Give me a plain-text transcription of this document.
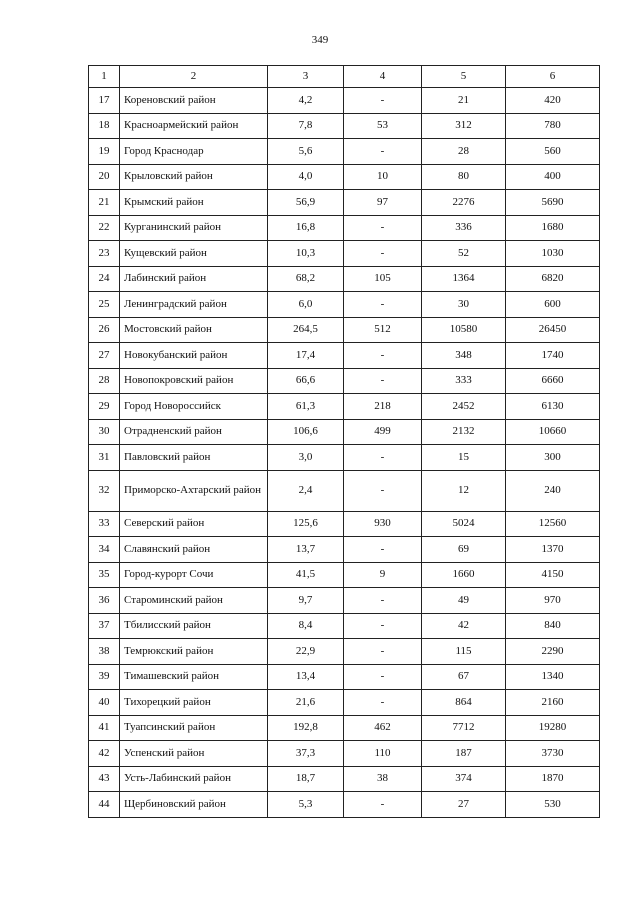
349
1	2	3	4	5	6
17	Кореновский район	4,2	-	21	420
18	Красноармейский район	7,8	53	312	780
19	Город Краснодар	5,6	-	28	560
20	Крыловский район	4,0	10	80	400
21	Крымский район	56,9	97	2276	5690
22	Курганинский район	16,8	-	336	1680
23	Кущевский район	10,3	-	52	1030
24	Лабинский район	68,2	105	1364	6820
25	Ленинградский район	6,0	-	30	600
26	Мостовский район	264,5	512	10580	26450
27	Новокубанский район	17,4	-	348	1740
28	Новопокровский район	66,6	-	333	6660
29	Город Новороссийск	61,3	218	2452	6130
30	Отрадненский район	106,6	499	2132	10660
31	Павловский район	3,0	-	15	300
32	Приморско-Ахтарский район	2,4	-	12	240
33	Северский район	125,6	930	5024	12560
34	Славянский район	13,7	-	69	1370
35	Город-курорт Сочи	41,5	9	1660	4150
36	Староминский район	9,7	-	49	970
37	Тбилисский район	8,4	-	42	840
38	Темрюкский район	22,9	-	115	2290
39	Тимашевский район	13,4	-	67	1340
40	Тихорецкий район	21,6	-	864	2160
41	Туапсинский район	192,8	462	7712	19280
42	Успенский район	37,3	110	187	3730
43	Усть-Лабинский район	18,7	38	374	1870
44	Щербиновский район	5,3	-	27	530
